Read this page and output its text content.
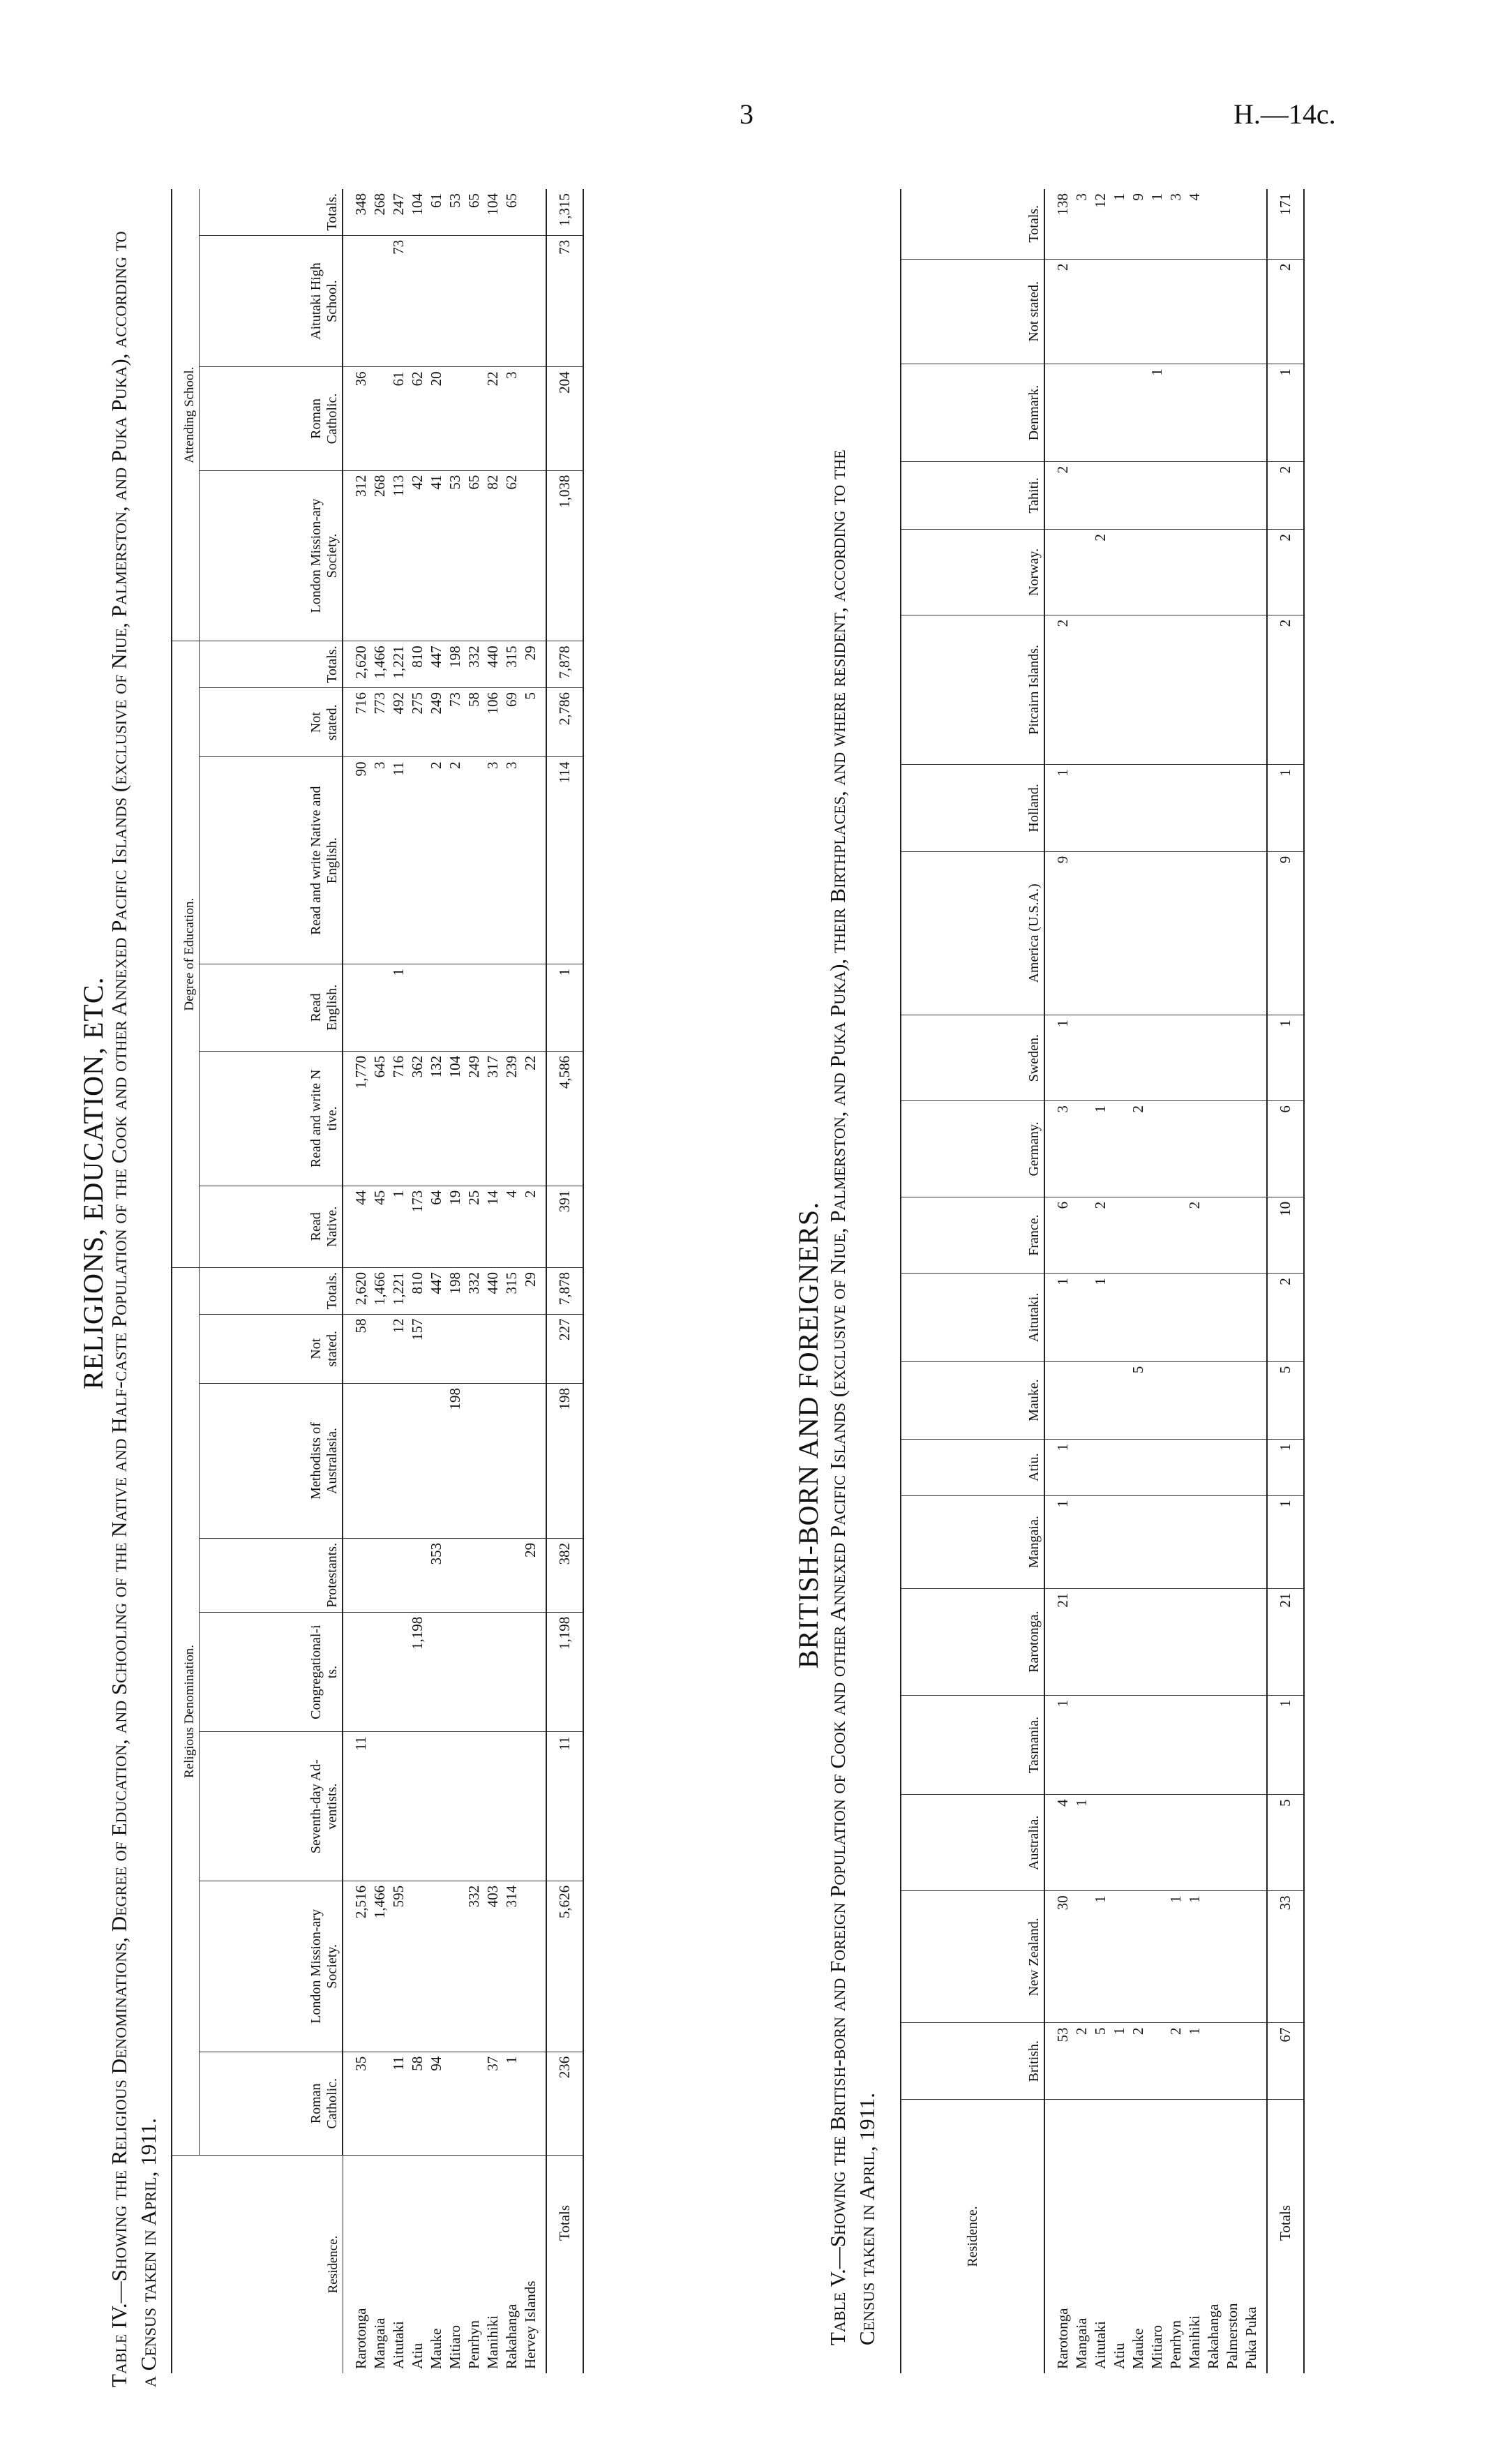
3	H.—14c.
RELIGIONS, EDUCATION, ETC.
Table IV.—Showing the Religious Denominations, Degree of Education, and Schooling of the Native and Half-caste Population of the Cook and other Annexed Pacific Islands (exclusive of Niue, Palmerston, and Puka Puka), according to a Census taken in April, 1911.	Residence.	Religious Denomination.								Degree of Education.						Attending School.			
	Roman Catholic.	London Mission-ary Society.	Seventh-day Ad-ventists.	Congregational-i ts.	Protestants.	Methodists of Australasia.	Not stated.	Totals.	Read Native.	Read and write N tive.	Read English.	Read and write Native and English.	Not stated.	Totals.	London Mission-ary Society.	Roman Catholic.	Aitutaki High School.	Totals.
Rarotonga	35	2,516	11				58	2,620	44	1,770		90	716	2,620	312	36		348
Mangaia		1,466						1,466	45	645		3	773	1,466	268			268
Aitutaki	11	595					12	1,221	1	716	1	11	492	1,221	113	61	73	247
Atiu	58			1,198			157	810	173	362			275	810	42	62		104
Mauke	94				353			447	64	132		2	249	447	41	20		61
Mitiaro						198		198	19	104		2	73	198	53			53
Penrhyn		332						332	25	249			58	332	65			65
Manihiki	37	403						440	14	317		3	106	440	82	22		104
Rakahanga	1	314						315	4	239		3	69	315	62	3		65
Hervey Islands					29			29	2	22			5	29				
Totals	236	5,626	11	1,198	382	198	227	7,878	391	4,586	1	114	2,786	7,878	1,038	204	73	1,315
BRITISH-BORN AND FOREIGNERS.
Table V.—Showing the British-born and Foreign Population of Cook and other Annexed Pacific Islands (exclusive of Niue, Palmerston, and Puka Puka), their Birthplaces, and where resident, according to the Census taken in April, 1911.	Residence.	British.	New Zealand.	Australia.	Tasmania.	Rarotonga.	Mangaia.	Atiu.	Mauke.	Aitutaki.	France.	Germany.	Sweden.	America (U.S.A.)	Holland.	Pitcairn Islands.	Norway.	Tahiti.	Denmark.	Not stated.	Totals.
Rarotonga	53	30	4	1	21	1	1		1	6	3	1	9	1	2		2		2	138
Mangaia	2		1																	3
Aitutaki	5	1							1	2	1					2				12
Atiu	1																			1
Mauke	2							5			2									9
Mitiaro																		1		1
Penrhyn	2	1																		3
Manihiki	1	1								2										4
Rakahanga																				
Palmerston																				
Puka Puka																				
Totals	67	33	5	1	21	1	1	5	2	10	6	1	9	1	2	2	2	1	2	171
